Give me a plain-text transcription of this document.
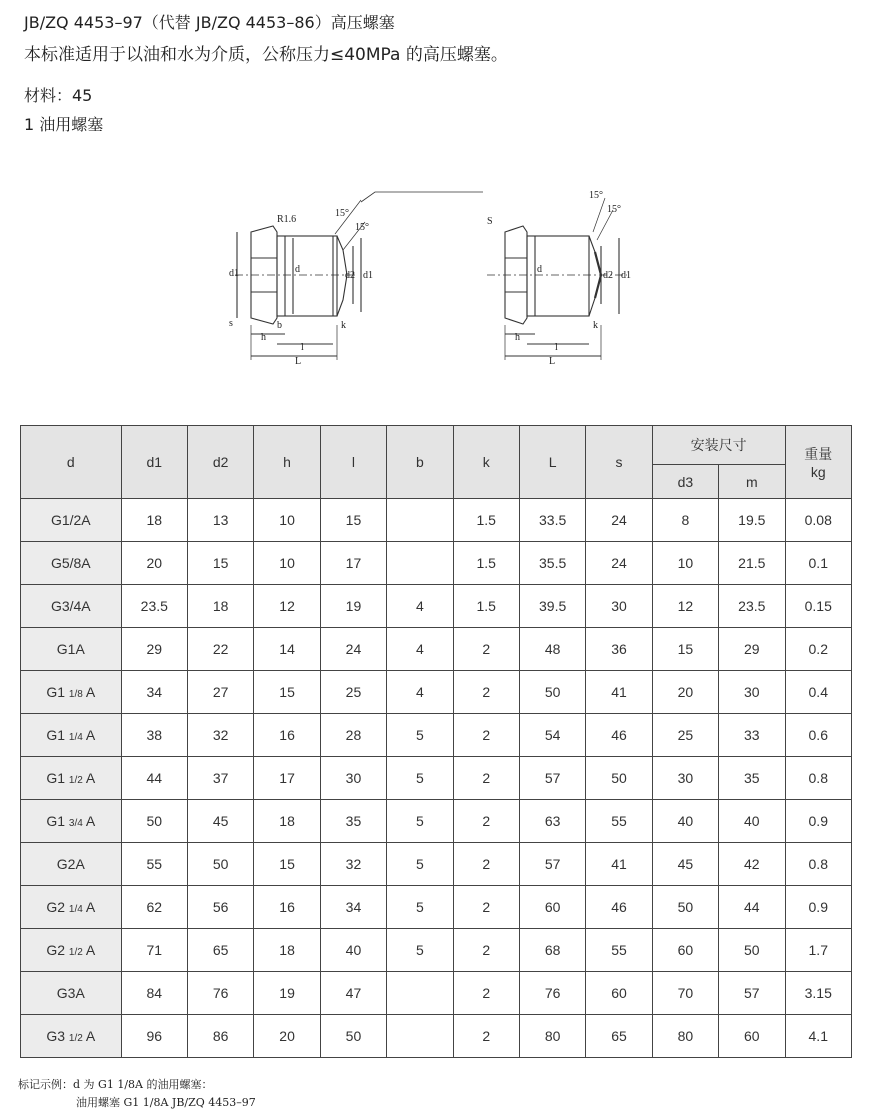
JB/ZQ 4453–97（代替 JB/ZQ 4453–86）高压螺塞
本标准适用于以油和水为介质，公称压力≤40MPa 的高压螺塞。
材料：45
1 油用螺塞
R1.6
15°
15°
d1	d
d2 d1
s	b	k
h
l
L
15°
15°
S
d
d2 d1
k
h
l
L
d	d1	d2	h	l	b	k	L	s	安装尺寸		重量
kg
									d3	m	
G1/2A	18	13	10	15		1.5	33.5	24	8	19.5	0.08
G5/8A	20	15	10	17		1.5	35.5	24	10	21.5	0.1
G3/4A	23.5	18	12	19	4	1.5	39.5	30	12	23.5	0.15
G1A	29	22	14	24	4	2	48	36	15	29	0.2
G1 1/8 A	34	27	15	25	4	2	50	41	20	30	0.4
G1 1/4 A	38	32	16	28	5	2	54	46	25	33	0.6
G1 1/2 A	44	37	17	30	5	2	57	50	30	35	0.8
G1 3/4 A	50	45	18	35	5	2	63	55	40	40	0.9
G2A	55	50	15	32	5	2	57	41	45	42	0.8
G2 1/4 A	62	56	16	34	5	2	60	46	50	44	0.9
G2 1/2 A	71	65	18	40	5	2	68	55	60	50	1.7
G3A	84	76	19	47		2	76	60	70	57	3.15
G3 1/2 A	96	86	20	50		2	80	65	80	60	4.1
标记示例：d 为 G1 1/8A 的油用螺塞：
油用螺塞 G1 1/8A JB/ZQ 4453–97
